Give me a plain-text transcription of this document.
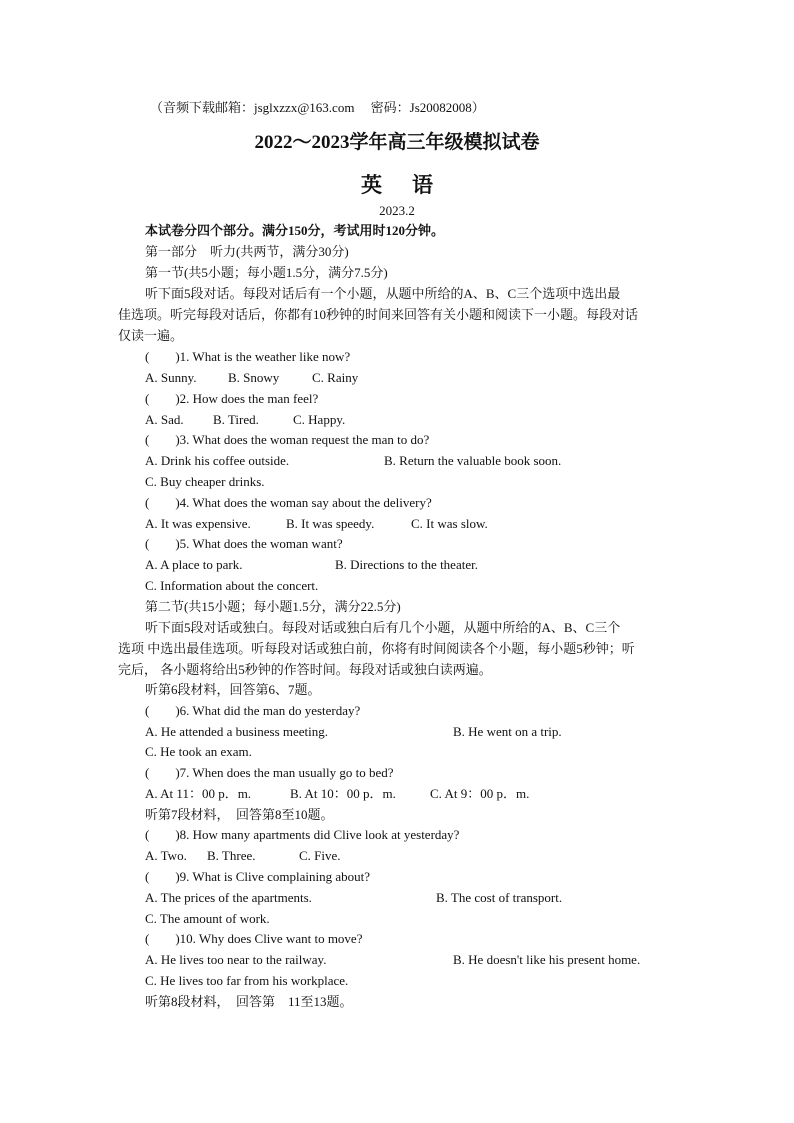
（音频下载邮箱：jsglxzzx@163.com　 密码：Js20082008）
2022～2023学年高三年级模拟试卷
英语
2023.2
本试卷分四个部分。满分150分，考试用时120分钟。
第一部分　听力(共两节，满分30分)
第一节(共5小题；每小题1.5分，满分7.5分)
听下面5段对话。每段对话后有一个小题，从题中所给的A、B、C三个选项中选出最
佳选项。听完每段对话后，你都有10秒钟的时间来回答有关小题和阅读下一小题。每段对话
仅读一遍。
(　　)1. What is the weather like now?
A. Sunny. B. Snowy	C. Rainy
(　　)2. How does the man feel?
A. Sad. B. Tired.	C. Happy.
(　　)3. What does the woman request the man to do?
A. Drink his coffee outside.	B. Return the valuable book soon.
C. Buy cheaper drinks.
(　　)4. What does the woman say about the delivery?
A. It was expensive.	B. It was speedy.	C. It was slow.
(　　)5. What does the woman want?
A. A place to park.	B. Directions to the theater.
C. Information about the concert.
第二节(共15小题；每小题1.5分，满分22.5分)
听下面5段对话或独白。每段对话或独白后有几个小题，从题中所给的A、B、C三个
选项 中选出最佳选项。听每段对话或独白前，你将有时间阅读各个小题，每小题5秒钟；听
完后， 各小题将给出5秒钟的作答时间。每段对话或独白读两遍。
听第6段材料，回答第6、7题。
(　　)6. What did the man do yesterday?
A. He attended a business meeting.	B. He went on a trip.
C. He took an exam.
(　　)7. When does the man usually go to bed?
A. At 11：00 p．m.	B. At 10：00 p．m.	C. At 9：00 p．m.
听第7段材料，　回答第8至10题。
(　　)8. How many apartments did Clive look at yesterday?
A. Two. B. Three.	C. Five.
(　　)9. What is Clive complaining about?
A. The prices of the apartments.	B. The cost of transport.
C. The amount of work.
(　　)10. Why does Clive want to move?
A. He lives too near to the railway.	B. He doesn't like his present home.
C. He lives too far from his workplace.
听第8段材料，　回答第　11至13题。
